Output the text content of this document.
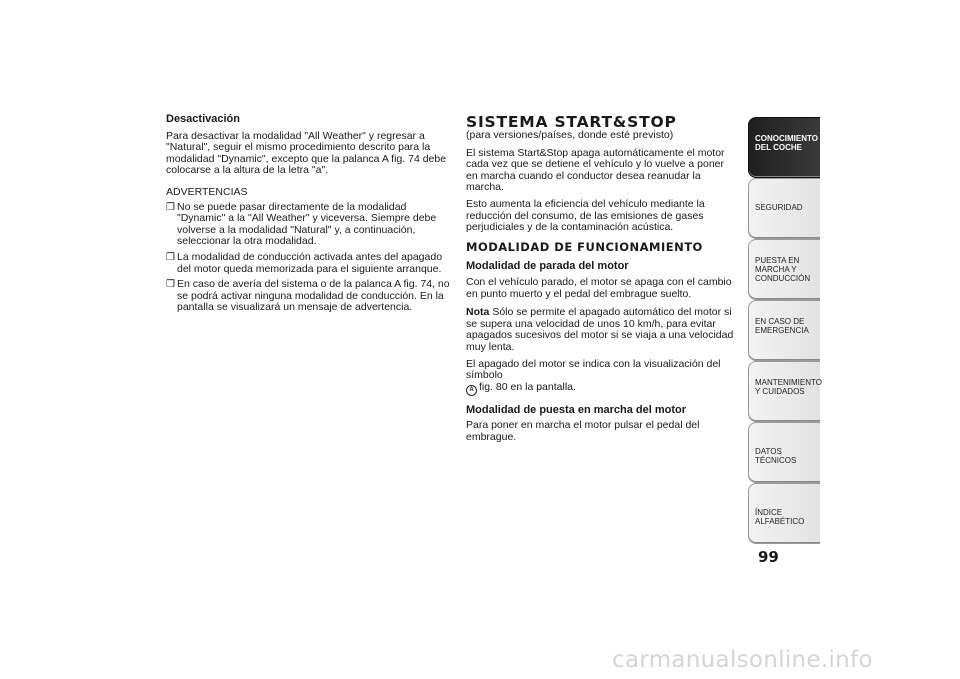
Desactivación

Para desactivar la modalidad "All Weather" y regresar a "Natural", seguir el mismo procedimiento descrito para la modalidad "Dynamic", excepto que la palanca A fig. 74 debe colocarse a la altura de la letra "a".

ADVERTENCIAS

❒ No se puede pasar directamente de la modalidad "Dynamic" a la "All Weather" y viceversa. Siempre debe volverse a la modalidad "Natural" y, a continuación, seleccionar la otra modalidad.
❒ La modalidad de conducción activada antes del apagado del motor queda memorizada para el siguiente arranque.
❒ En caso de avería del sistema o de la palanca A fig. 74, no se podrá activar ninguna modalidad de conducción. En la pantalla se visualizará un mensaje de advertencia.
SISTEMA START&STOP

(para versiones/países, donde esté previsto)

El sistema Start&Stop apaga automáticamente el motor cada vez que se detiene el vehículo y lo vuelve a poner en marcha cuando el conductor desea reanudar la marcha.

Esto aumenta la eficiencia del vehículo mediante la reducción del consumo, de las emisiones de gases perjudiciales y de la contaminación acústica.

MODALIDAD DE FUNCIONAMIENTO
Modalidad de parada del motor

Con el vehículo parado, el motor se apaga con el cambio en punto muerto y el pedal del embrague suelto.

Nota Sólo se permite el apagado automático del motor si se supera una velocidad de unos 10 km/h, para evitar apagados sucesivos del motor si se viaja a una velocidad muy lenta.

El apagado del motor se indica con la visualización del símbolo
A fig. 80 en la pantalla.

Modalidad de puesta en marcha del motor

Para poner en marcha el motor pulsar el pedal del embrague.

CONOCIMIENTO DEL COCHE
SEGURIDAD
PUESTA EN MARCHA Y CONDUCCIÓN
EN CASO DE EMERGENCIA
MANTENIMIENTO Y CUIDADOS
DATOS TÉCNICOS
ÍNDICE ALFABÉTICO
99
carmanualsonline.info
